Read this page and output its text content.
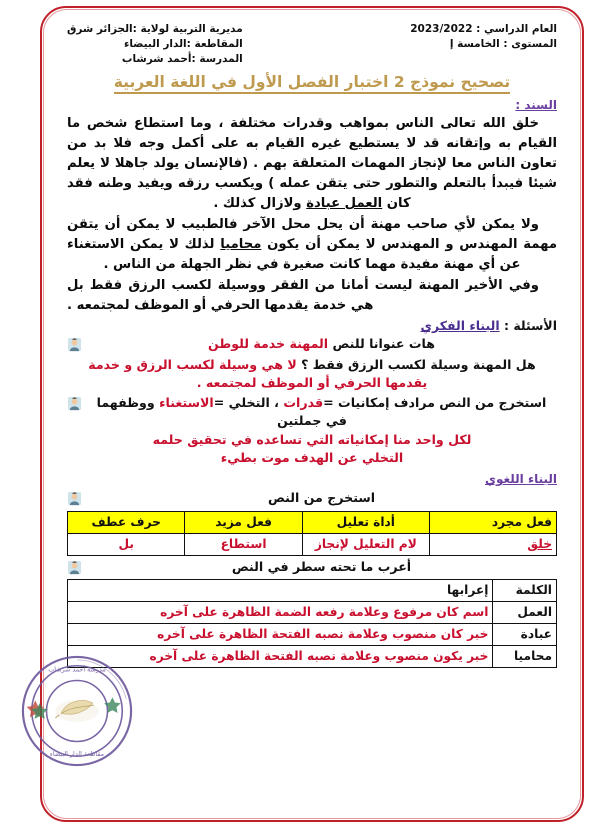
مدرسة أحمد شرشاب
مقاطعة الدار البيضاء
مديرية التربية لولاية :الجزائر شرق
المقاطعة :الدار البيضاء
المدرسة :أحمد شرشاب
العام الدراسي : 2023/2022
المستوى : الخامسة إ
تصحيح نموذج 2 اختبار الفصل الأول في اللغة العربية
السند :

خلق الله تعالى الناس بمواهب وقدرات مختلفة ، وما استطاع شخص ما القيام به وإتقانه قد لا يستطيع غيره القيام به على أكمل وجه فلا بد من تعاون الناس معا لإنجاز المهمات المتعلقة بهم . (فالإنسان يولد جاهلا لا يعلم شيئا فيبدأ بالتعلم والتطور حتى يتقن عمله ) ويكسب رزقه ويفيد وطنه فقد كان العمل عبادة ولازال كذلك .

ولا يمكن لأي صاحب مهنة أن يحل محل الآخر فالطبيب لا يمكن أن يتقن مهمة المهندس و المهندس لا يمكن أن يكون محاميا لذلك لا يمكن الاستغناء عن أي مهنة مفيدة مهما كانت صغيرة في نظر الجهلة من الناس .

وفي الأخير المهنة ليست أمانا من الفقر ووسيلة لكسب الرزق فقط بل هي خدمة يقدمها الحرفي أو الموظف لمجتمعه .

الأسئلة : البناء الفكري
هات عنوانا للنص المهنة خدمة للوطن
هل المهنة وسيلة لكسب الرزق فقط ؟ لا هي وسيلة لكسب الرزق و خدمة يقدمها الحرفي أو الموظف لمجتمعه .
استخرج من النص مرادف إمكانيات =قدرات ، التخلي =الاستغناء ووظفهما

في جملتين

لكل واحد منا إمكانياته التي تساعده في تحقيق حلمه

التخلي عن الهدف موت بطيء

البناء اللغوي
استخرج من النص
فعل مجرد	أداة تعليل	فعل مزيد	حرف عطف
خلق	لام التعليل لإنجاز	استطاع	بل
أعرب ما تحته سطر في النص
الكلمة	إعرابها
العمل	اسم كان مرفوع وعلامة رفعه الضمة الظاهرة على آخره
عبادة	خبر كان منصوب وعلامة نصبه الفتحة الظاهرة على آخره
محاميا	خبر يكون منصوب وعلامة نصبه الفتحة الظاهرة على آخره
